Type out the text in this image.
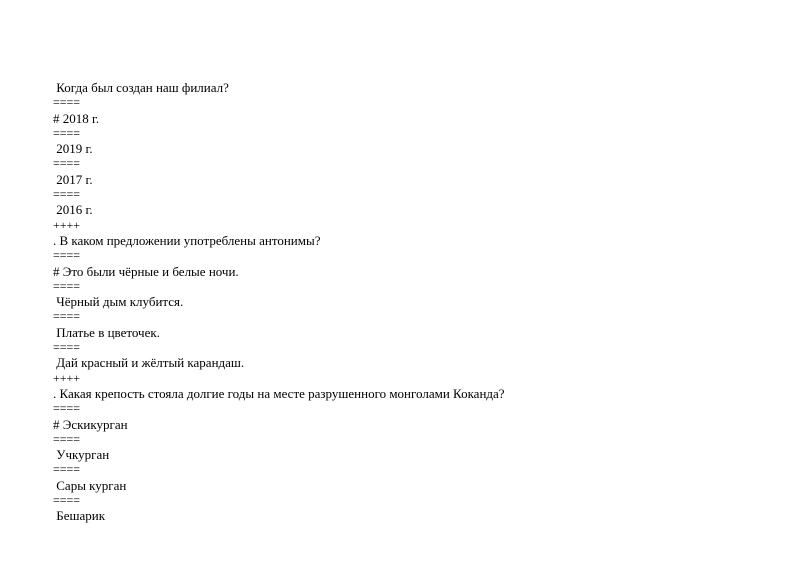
Когда был создан наш филиал?
====
# 2018 г.
====
2019 г.
====
2017 г.
====
2016 г.
++++
. В каком предложении употреблены антонимы?
====
# Это были чёрные и белые ночи.
====
Чёрный дым клубится.
====
Платье в цветочек.
====
Дай красный и жёлтый карандаш.
++++
. Какая крепость стояла долгие годы на месте разрушенного монголами Коканда?
====
# Эскикурган
====
Учкурган
====
Сары курган
====
Бешарик
